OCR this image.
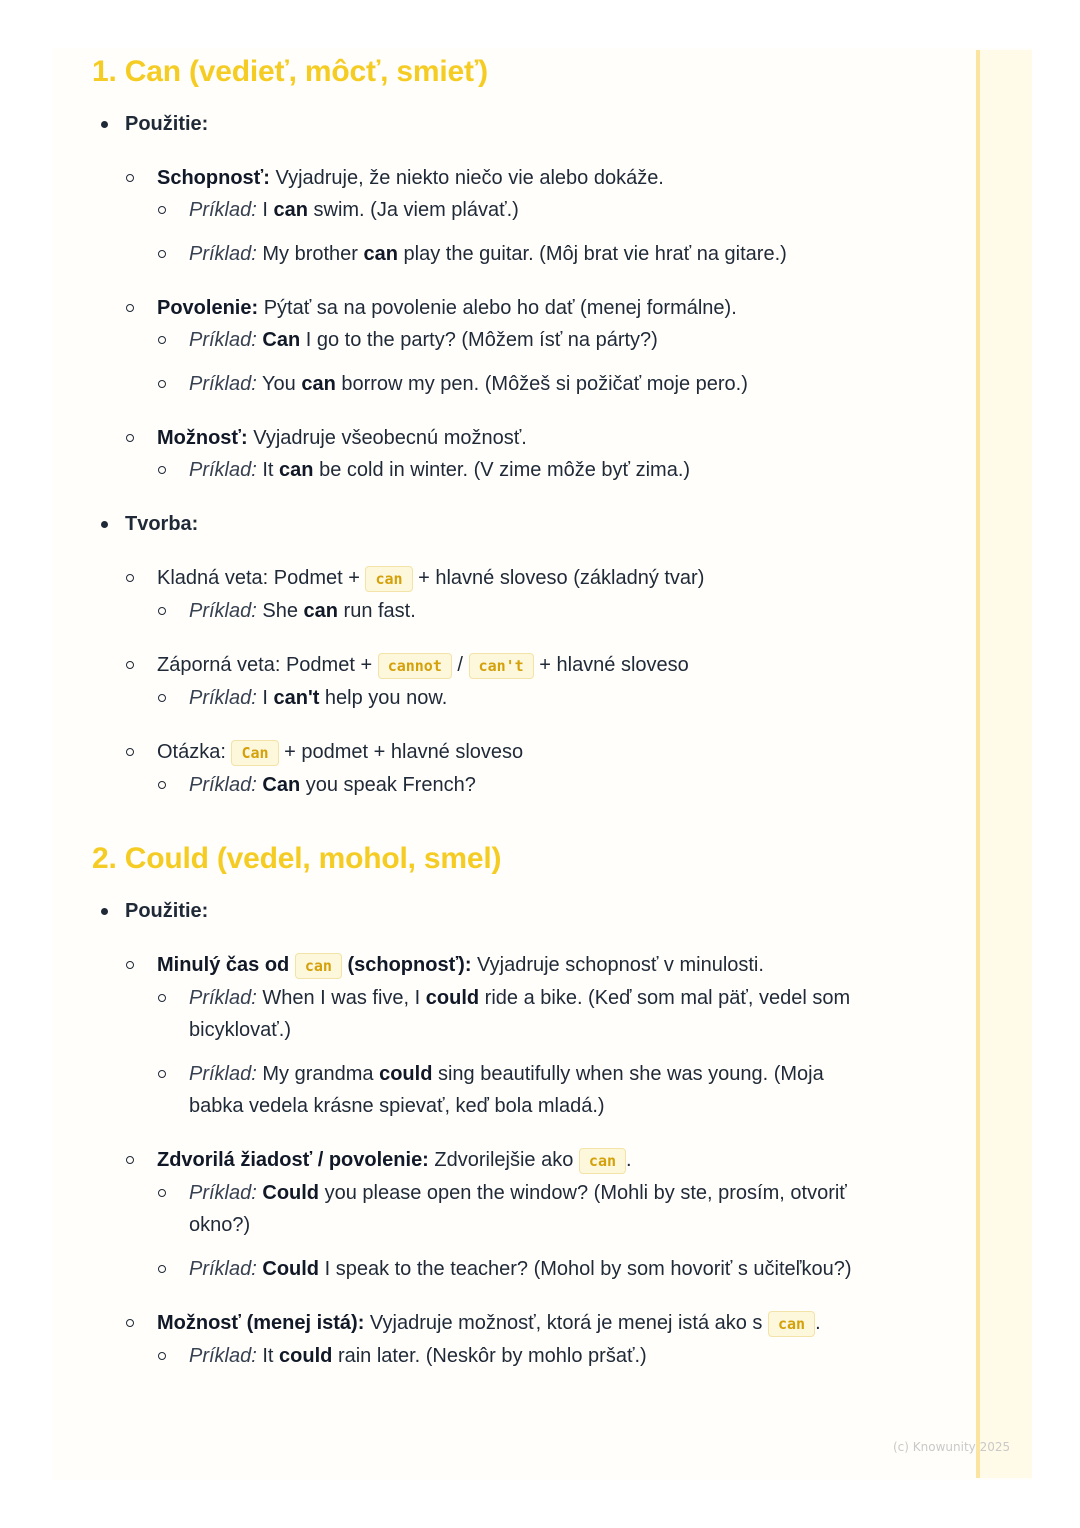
1. Can (vedieť, môcť, smieť)
Použitie:
Schopnosť: Vyjadruje, že niekto niečo vie alebo dokáže.
Príklad: I can swim. (Ja viem plávať.)
Príklad: My brother can play the guitar. (Môj brat vie hrať na gitare.)
Povolenie: Pýtať sa na povolenie alebo ho dať (menej formálne).
Príklad: Can I go to the party? (Môžem ísť na párty?)
Príklad: You can borrow my pen. (Môžeš si požičať moje pero.)
Možnosť: Vyjadruje všeobecnú možnosť.
Príklad: It can be cold in winter. (V zime môže byť zima.)
Tvorba:
Kladná veta: Podmet + can + hlavné sloveso (základný tvar)
Príklad: She can run fast.
Záporná veta: Podmet + cannot / can't + hlavné sloveso
Príklad: I can't help you now.
Otázka: Can + podmet + hlavné sloveso
Príklad: Can you speak French?
2. Could (vedel, mohol, smel)
Použitie:
Minulý čas od can (schopnosť): Vyjadruje schopnosť v minulosti.
Príklad: When I was five, I could ride a bike. (Keď som mal päť, vedel som bicyklovať.)
Príklad: My grandma could sing beautifully when she was young. (Moja babka vedela krásne spievať, keď bola mladá.)
Zdvorilá žiadosť / povolenie: Zdvorilejšie ako can .
Príklad: Could you please open the window? (Mohli by ste, prosím, otvoriť okno?)
Príklad: Could I speak to the teacher? (Mohol by som hovoriť s učiteľkou?)
Možnosť (menej istá): Vyjadruje možnosť, ktorá je menej istá ako s can .
Príklad: It could rain later. (Neskôr by mohlo pršať.)
(c) Knowunity 2025
